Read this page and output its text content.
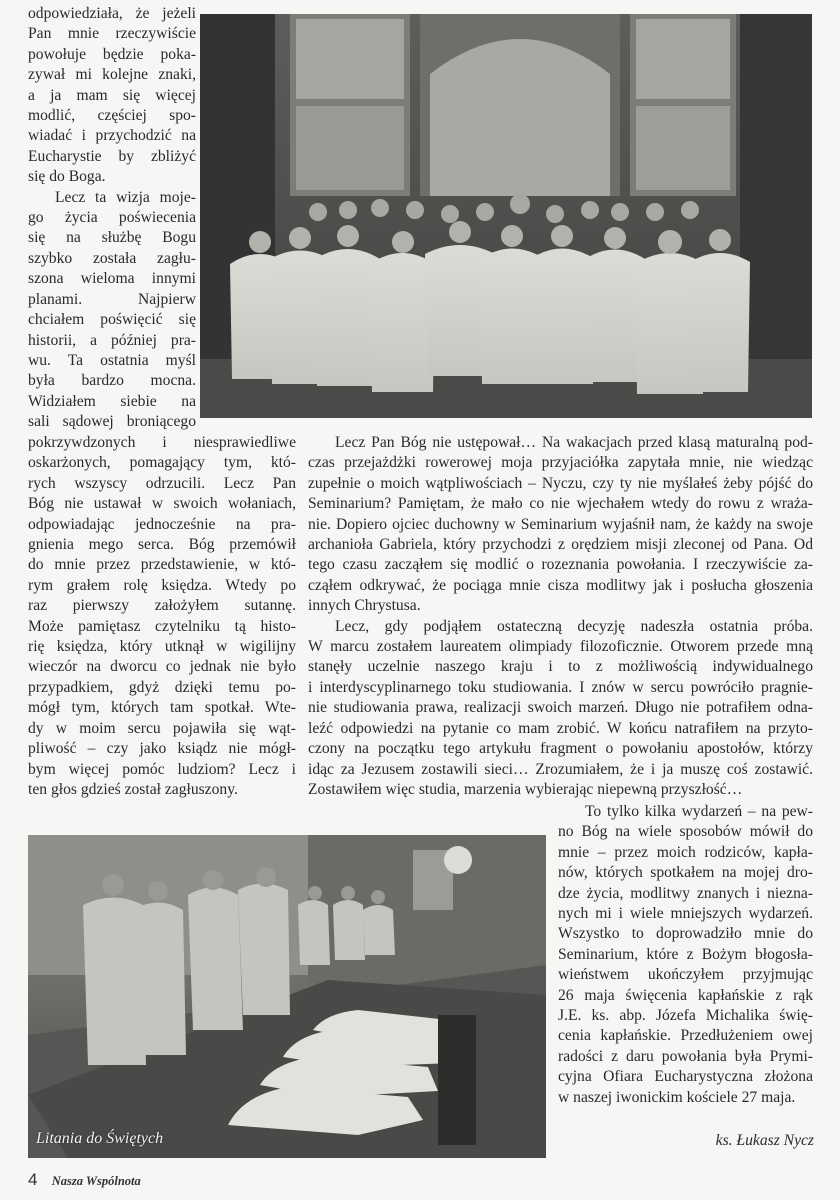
odpowiedziała, że jeżeli
Pan mnie rzeczywiście
powołuje będzie poka-
zywał mi kolejne znaki,
a ja mam się więcej
modlić, częściej spo-
wiadać i przychodzić na
Eucharystie by zbliżyć
się do Boga.
Lecz ta wizja moje-
go życia poświecenia
się na służbę Bogu
szybko została zagłu-
szona wieloma innymi
planami. Najpierw
chciałem poświęcić się
historii, a później pra-
wu. Ta ostatnia myśl
była bardzo mocna.
Widziałem siebie na
sali sądowej broniącego
pokrzywdzonych i niesprawiedliwe
oskarżonych, pomagający tym, któ-
rych wszyscy odrzucili. Lecz Pan
Bóg nie ustawał w swoich wołaniach,
odpowiadając jednocześnie na pra-
gnienia mego serca. Bóg przemówił
do mnie przez przedstawienie, w któ-
rym grałem rolę księdza. Wtedy po
raz pierwszy założyłem sutannę.
Może pamiętasz czytelniku tą histo-
rię księdza, który utknął w wigilijny
wieczór na dworcu co jednak nie było
przypadkiem, gdyż dzięki temu po-
mógł tym, których tam spotkał. Wte-
dy w moim sercu pojawiła się wąt-
pliwość – czy jako ksiądz nie mógł-
bym więcej pomóc ludziom? Lecz i
ten głos gdzieś został zagłuszony.
Lecz Pan Bóg nie ustępował… Na wakacjach przed klasą maturalną pod-
czas przejażdżki rowerowej moja przyjaciółka zapytała mnie, nie wiedząc
zupełnie o moich wątpliwościach – Nyczu, czy ty nie myślałeś żeby pójść do
Seminarium? Pamiętam, że mało co nie wjechałem wtedy do rowu z wraża-
nie. Dopiero ojciec duchowny w Seminarium wyjaśnił nam, że każdy na swoje
archanioła Gabriela, który przychodzi z orędziem misji zleconej od Pana. Od
tego czasu zacząłem się modlić o rozeznania powołania. I rzeczywiście za-
cząłem odkrywać, że pociąga mnie cisza modlitwy jak i posłucha głoszenia
innych Chrystusa.
Lecz, gdy podjąłem ostateczną decyzję nadeszła ostatnia próba.
W marcu zostałem laureatem olimpiady filozoficznie. Otworem przede mną
stanęły uczelnie naszego kraju i to z możliwością indywidualnego
i interdyscyplinarnego toku studiowania. I znów w sercu powróciło pragnie-
nie studiowania prawa, realizacji swoich marzeń. Długo nie potrafiłem odna-
leźć odpowiedzi na pytanie co mam zrobić. W końcu natrafiłem na przyto-
czony na początku tego artykułu fragment o powołaniu apostołów, którzy
idąc za Jezusem zostawili sieci… Zrozumiałem, że i ja muszę coś zostawić.
Zostawiłem więc studia, marzenia wybierając niepewną przyszłość…
Litania do Świętych
To tylko kilka wydarzeń – na pew-
no Bóg na wiele sposobów mówił do
mnie – przez moich rodziców, kapła-
nów, których spotkałem na mojej dro-
dze życia, modlitwy znanych i niezna-
nych mi i wiele mniejszych wydarzeń.
Wszystko to doprowadziło mnie do
Seminarium, które z Bożym błogosła-
wieństwem ukończyłem przyjmując
26 maja święcenia kapłańskie z rąk
J.E. ks. abp. Józefa Michalika świę-
cenia kapłańskie. Przedłużeniem owej
radości z daru powołania była Prymi-
cyjna Ofiara Eucharystyczna złożona
w naszej iwonickim kościele 27 maja.
ks. Łukasz Nycz
4 Nasza Wspólnota
